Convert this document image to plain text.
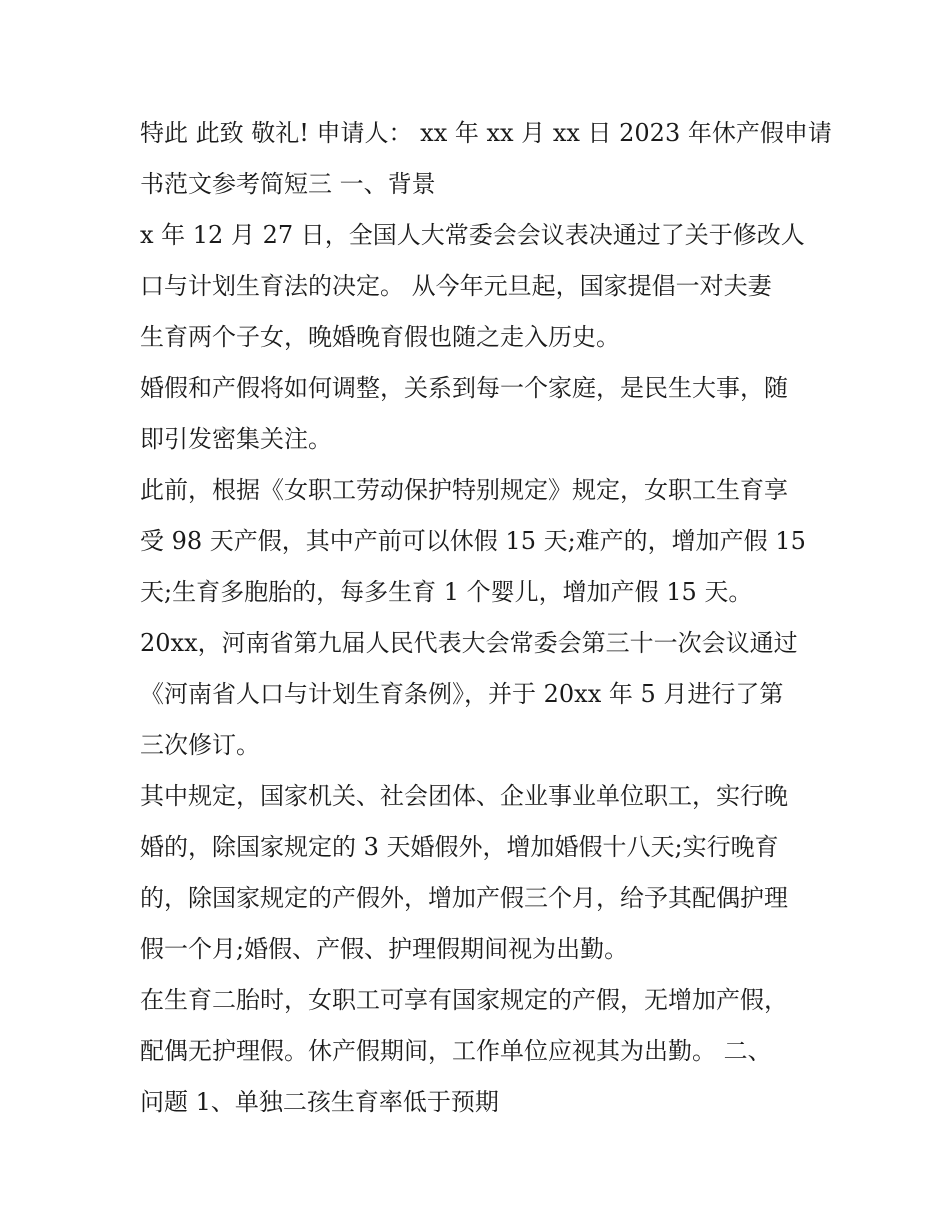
特此 此致 敬礼! 申请人： xx 年 xx 月 xx 日 2023 年休产假申请
书范文参考简短三 一、背景

x 年 12 月 27 日，全国人大常委会会议表决通过了关于修改人
口与计划生育法的决定。 从今年元旦起，国家提倡一对夫妻
生育两个子女，晚婚晚育假也随之走入历史。

婚假和产假将如何调整，关系到每一个家庭，是民生大事，随
即引发密集关注。

此前，根据《女职工劳动保护特别规定》规定，女职工生育享
受 98 天产假，其中产前可以休假 15 天;难产的，增加产假 15
天;生育多胞胎的，每多生育 1 个婴儿，增加产假 15 天。

20xx，河南省第九届人民代表大会常委会第三十一次会议通过
《河南省人口与计划生育条例》，并于 20xx 年 5 月进行了第
三次修订。

其中规定，国家机关、社会团体、企业事业单位职工，实行晚
婚的，除国家规定的 3 天婚假外，增加婚假十八天;实行晚育
的，除国家规定的产假外，增加产假三个月，给予其配偶护理
假一个月;婚假、产假、护理假期间视为出勤。

在生育二胎时，女职工可享有国家规定的产假，无增加产假，
配偶无护理假。休产假期间，工作单位应视其为出勤。 二、
问题 1、单独二孩生育率低于预期
